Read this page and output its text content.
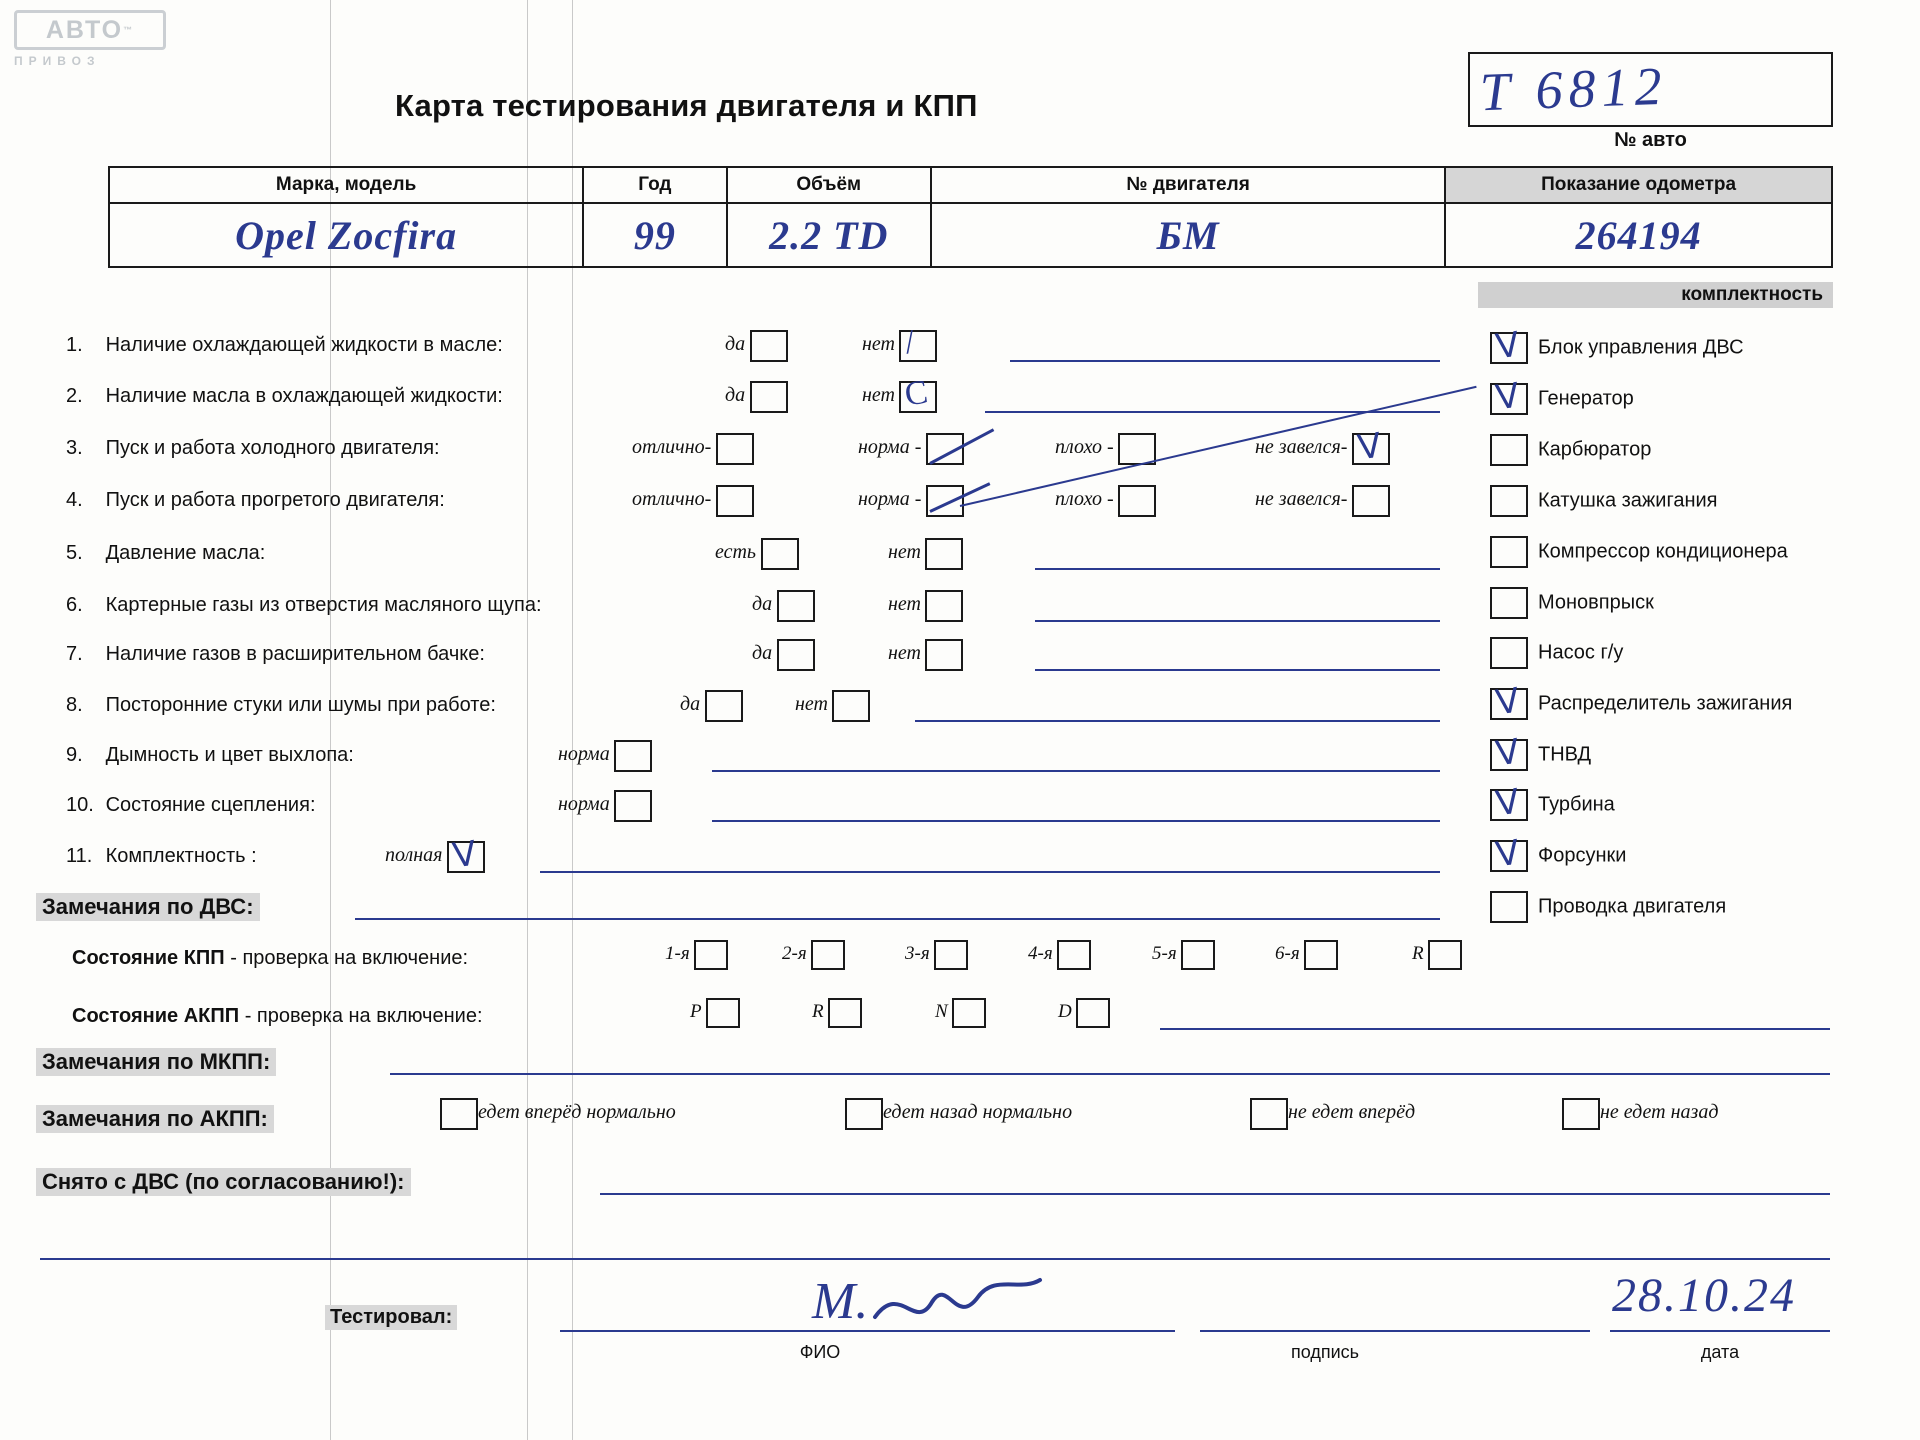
АВТО ™
ПРИВОЗ
Карта тестирования двигателя и КПП	Т 6812
№ авто
Марка, модель	Год	Объём	№ двигателя	Показание одометра
Opel Zocfira	99	2.2 TD	БМ	264194
комплектность
1. Наличие охлаждающей жидкости в масле:	да	нет /
2. Наличие масла в охлаждающей жидкости:	да	нет C
3. Пуск и работа холодного двигателя:	отлично-	норма -	плохо -	не завелся- ᐯ
4. Пуск и работа прогретого двигателя:	отлично-	норма -	плохо -	не завелся-
5. Давление масла:	есть	нет
6. Картерные газы из отверстия масляного щупа:	да	нет
7. Наличие газов в расширительном бачке:	да	нет
8. Посторонние стуки или шумы при работе:	да	нет
9. Дымность и цвет выхлопа:	норма
10. Состояние сцепления:	норма
11. Комплектность :	полная ᐯ
ᐯ Блок управления ДВС
ᐯ Генератор
Карбюратор
Катушка зажигания
Компрессор кондиционера
Моновпрыск
Насос г/у
ᐯ Распределитель зажигания
ᐯ ТНВД
ᐯ Турбина
ᐯ Форсунки
Проводка двигателя
Замечания по ДВС:
Состояние КПП - проверка на включение:	1-я	2-я	3-я	4-я	5-я	6-я	R
Состояние АКПП - проверка на включение:	P	R	N	D
Замечания по МКПП:
Замечания по АКПП:	едет вперёд нормально	едет назад нормально	не едет вперёд	не едет назад
Снято с ДВС (по согласованию!):
Тестировал:	М.	28.10.24
ФИО	подпись	дата
